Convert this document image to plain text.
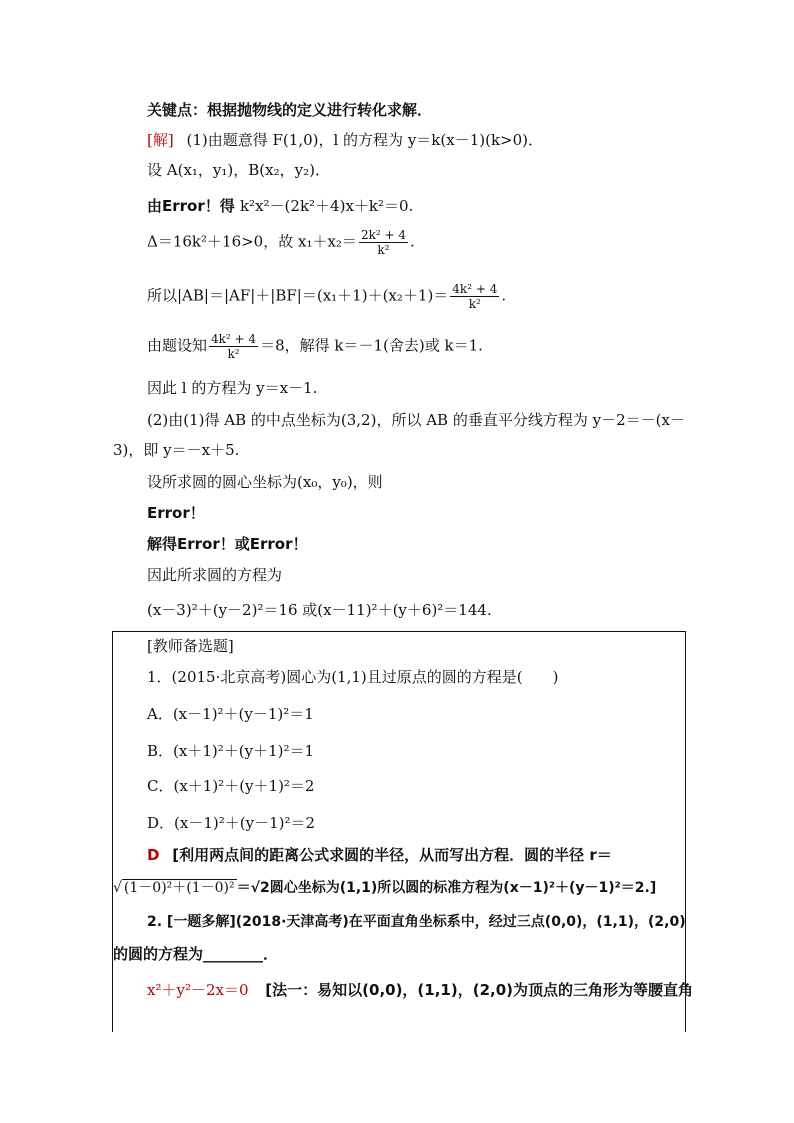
关键点：根据抛物线的定义进行转化求解．
[解] (1)由题意得 F(1,0)，l 的方程为 y＝k(x－1)(k>0)．
设 A(x₁，y₁)，B(x₂，y₂)．
由Error！得 k²x²－(2k²＋4)x＋k²＝0.
Δ＝16k²＋16>0，故 $x_1+x_2= \frac{\text{2k² + 4}}{\text{k²}}$ .
所以$|AB|=|AF|+|BF|=(x_1+1)+(x_2+1)= \frac{\text{4k² + 4}}{\text{k²}}$ .
由题设知 $\frac{\text{4k² + 4}}{\text{k²}} =8$，解得 k＝－1(舍去)或 k＝1.
因此 l 的方程为 y＝x－1.
(2)由(1)得 AB 的中点坐标为(3,2)，所以 AB 的垂直平分线方程为 y－2＝－(x－
3)，即 y＝－x＋5.
设所求圆的圆心坐标为(x₀，y₀)，则
Error！
解得Error！或Error！
因此所求圆的方程为
(x－3)²＋(y－2)²＝16 或(x－11)²＋(y＋6)²＝144.
[教师备选题]
1．(2015·北京高考)圆心为(1,1)且过原点的圆的方程是(　　)
A．(x－1)²＋(y－1)²＝1
B．(x＋1)²＋(y＋1)²＝1
C．(x＋1)²＋(y＋1)²＝2
D．(x－1)²＋(y－1)²＝2
D [利用两点间的距离公式求圆的半径，从而写出方程．圆的半径 r＝
√ (1－0)²＋(1－0)² ＝√2圆心坐标为(1,1)所以圆的标准方程为(x－1)²＋(y－1)²＝2.]
2. [一题多解](2018·天津高考)在平面直角坐标系中，经过三点(0,0)，(1,1)，(2,0)
的圆的方程为________．
x²＋y²－2x＝0 [法一：易知以(0,0)，(1,1)，(2,0)为顶点的三角形为等腰直角
